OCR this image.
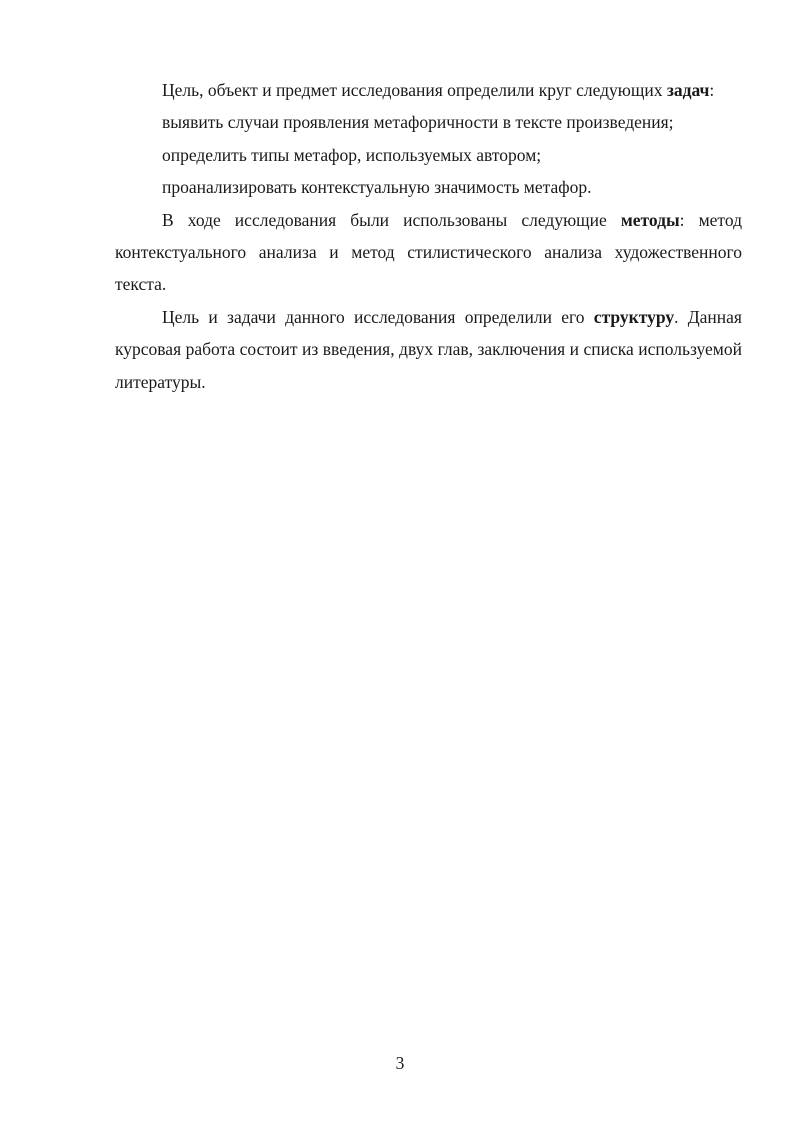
Цель, объект и предмет исследования определили круг следующих задач:

выявить случаи проявления метафоричности в тексте произведения;

определить типы метафор, используемых автором;

проанализировать контекстуальную значимость метафор.

В ходе исследования были использованы следующие методы: метод контекстуального анализа и метод стилистического анализа художественного текста.

Цель и задачи данного исследования определили его структуру. Данная курсовая работа состоит из введения, двух глав, заключения и списка используемой литературы.

3
